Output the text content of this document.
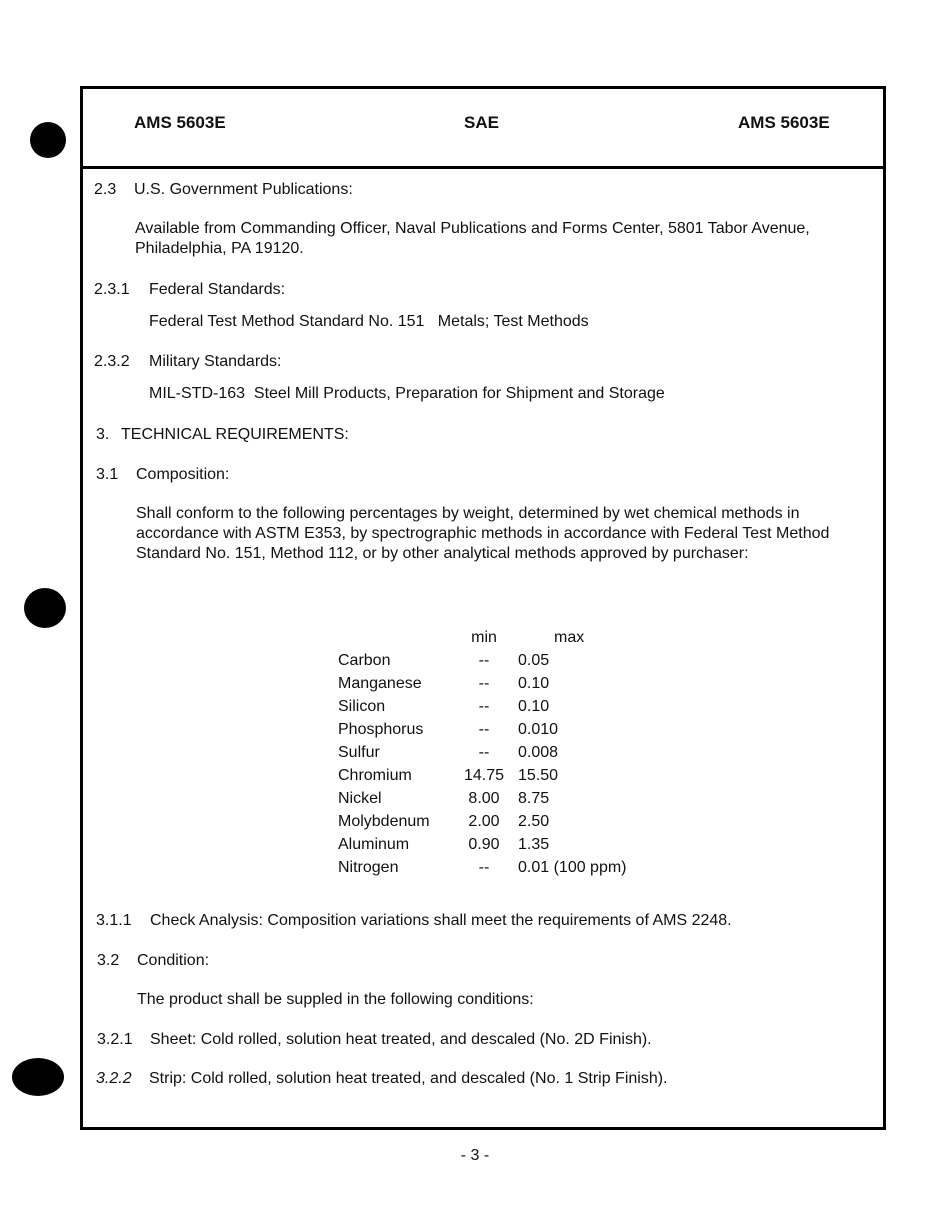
AMS 5603E	SAE	AMS 5603E
2.3 U.S. Government Publications:
Available from Commanding Officer, Naval Publications and Forms Center, 5801 Tabor Avenue, Philadelphia, PA 19120.
2.3.1 Federal Standards:
Federal Test Method Standard No. 151   Metals; Test Methods
2.3.2 Military Standards:
MIL-STD-163  Steel Mill Products, Preparation for Shipment and Storage
3. TECHNICAL REQUIREMENTS:
3.1 Composition:
Shall conform to the following percentages by weight, determined by wet chemical methods in accordance with ASTM E353, by spectrographic methods in accordance with Federal Test Method Standard No. 151, Method 112, or by other analytical methods approved by purchaser:
	min	max
Carbon	--	0.05
Manganese	--	0.10
Silicon	--	0.10
Phosphorus	--	0.010
Sulfur	--	0.008
Chromium	14.75	15.50
Nickel	8.00	8.75
Molybdenum	2.00	2.50
Aluminum	0.90	1.35
Nitrogen	--	0.01 (100 ppm)
3.1.1 Check Analysis: Composition variations shall meet the requirements of AMS 2248.
3.2 Condition:
The product shall be suppled in the following conditions:
3.2.1 Sheet: Cold rolled, solution heat treated, and descaled (No. 2D Finish).
3.2.2 Strip: Cold rolled, solution heat treated, and descaled (No. 1 Strip Finish).
- 3 -
